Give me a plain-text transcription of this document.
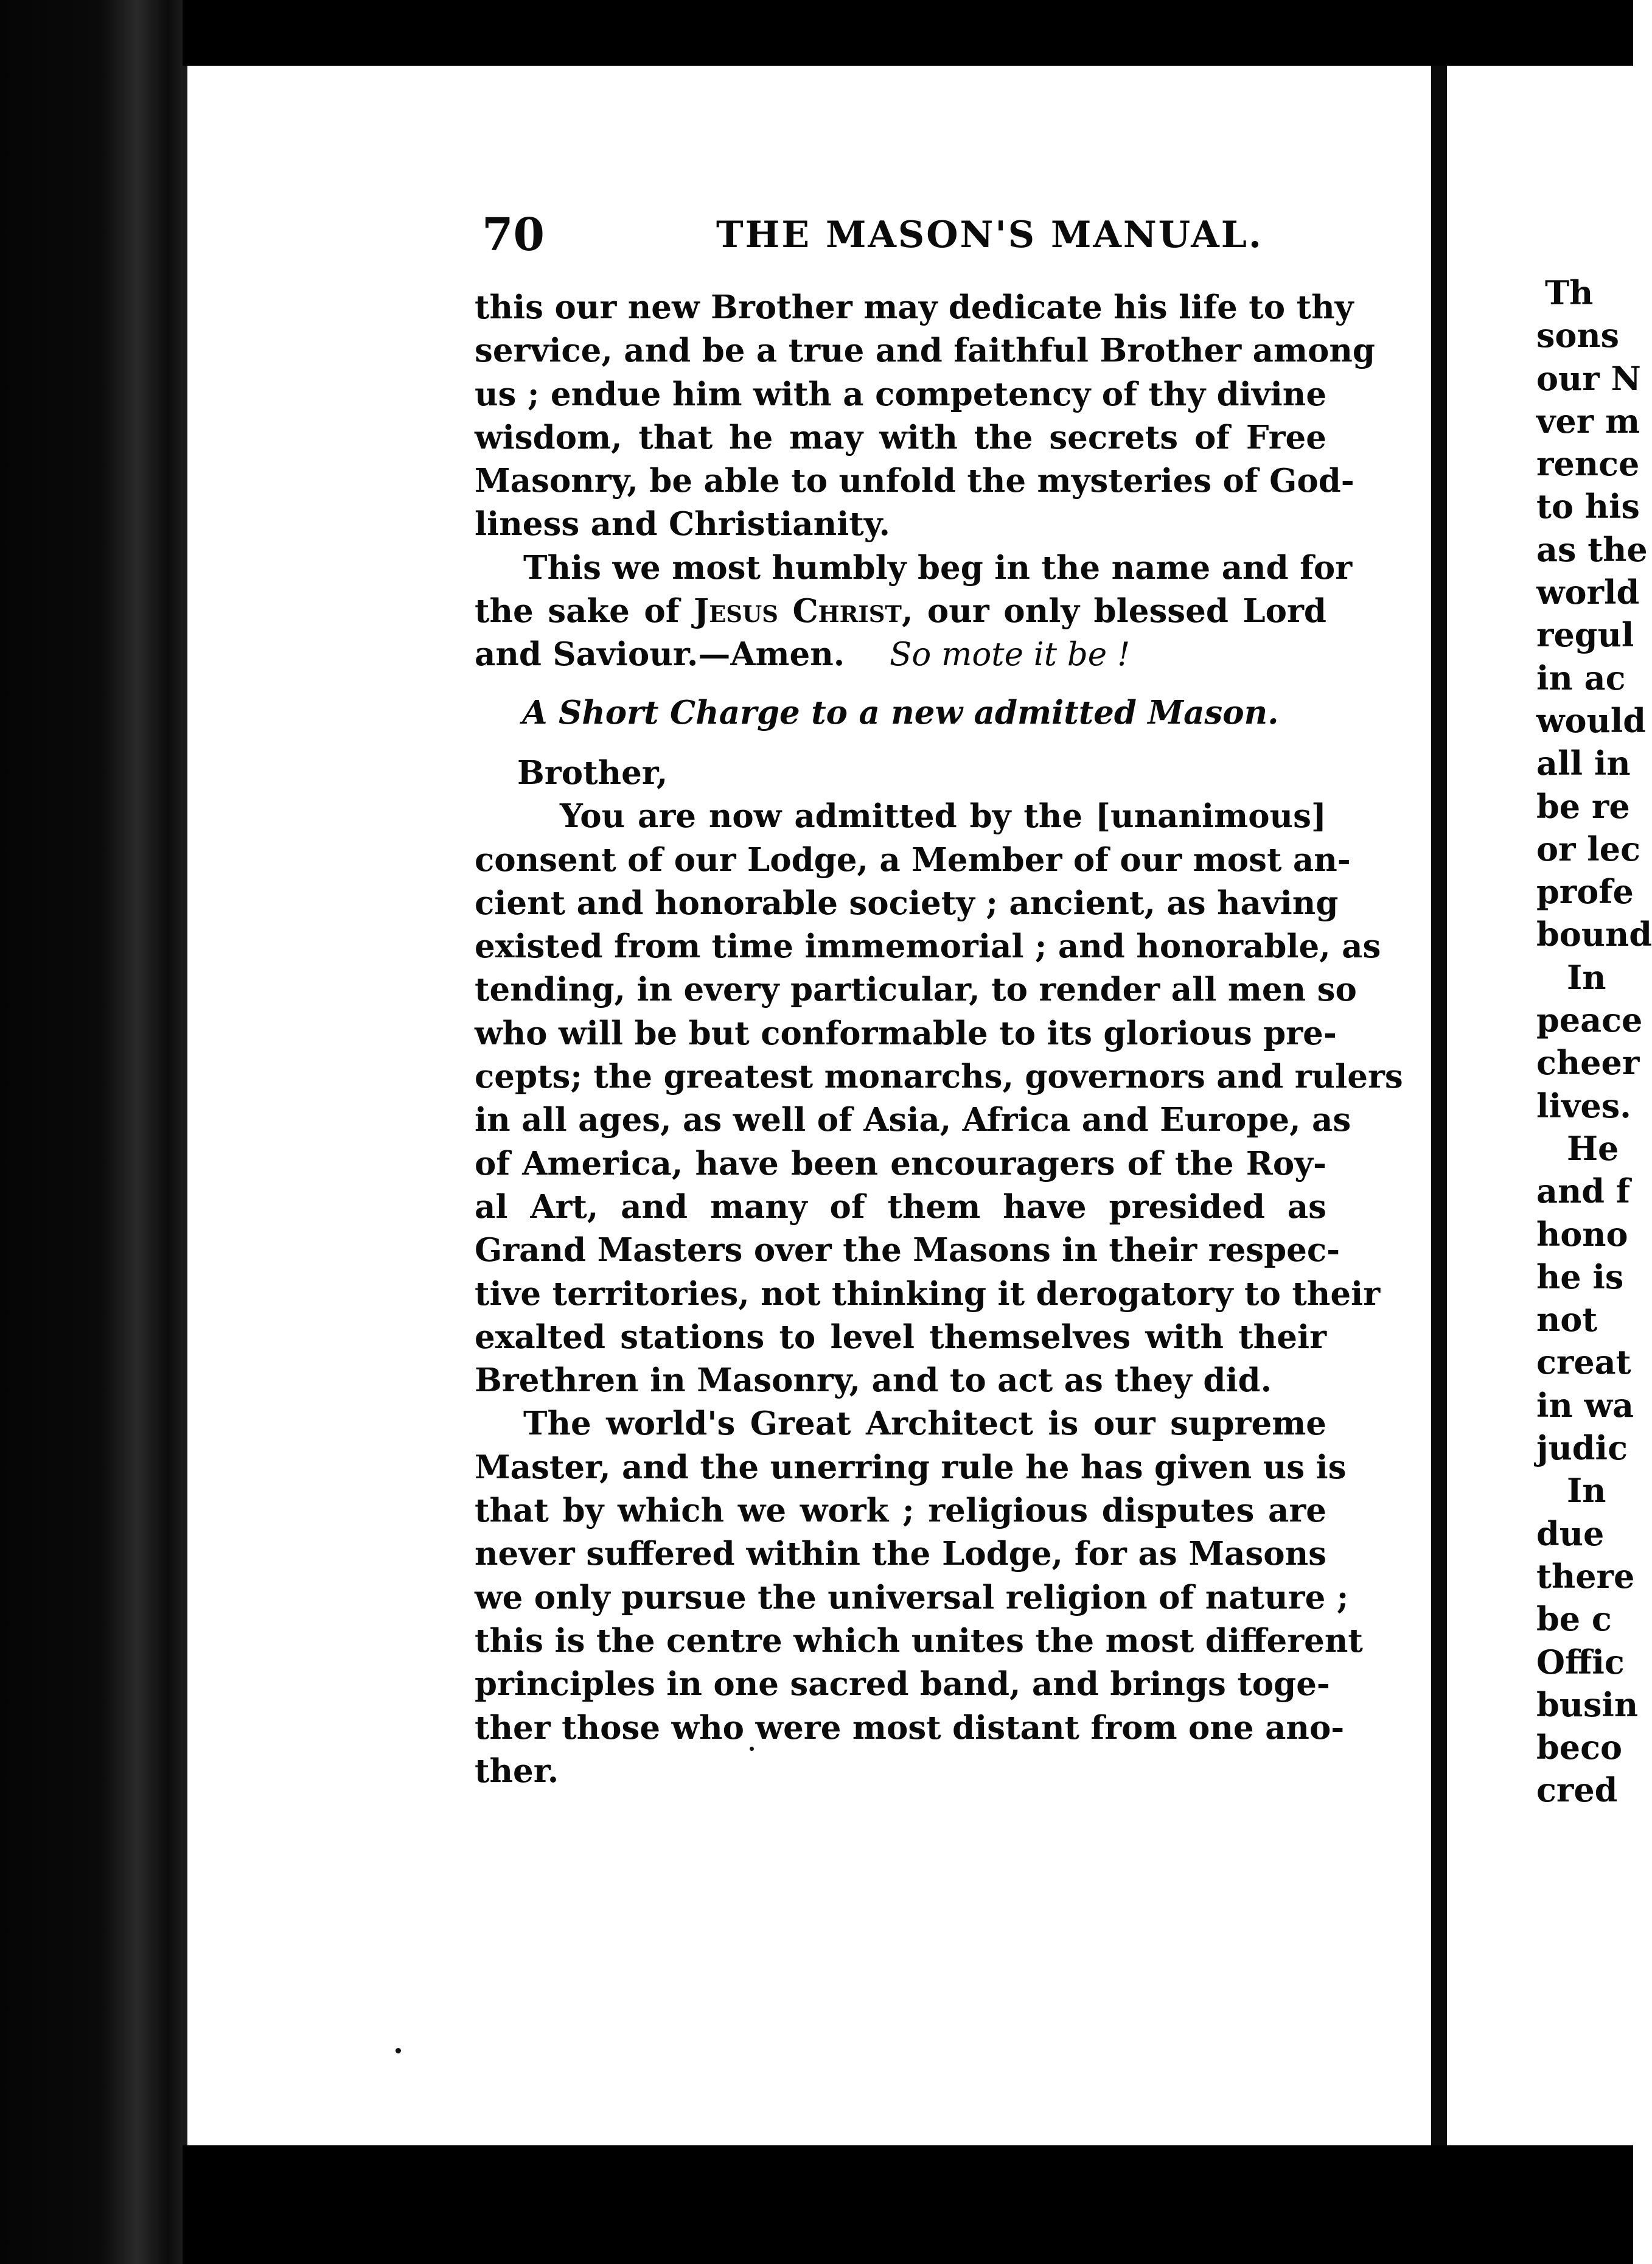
70	THE MASON'S MANUAL.
this our new Brother may dedicate his life to thy
service, and be a true and faithful Brother among
us ; endue him with a competency of thy divine
wisdom, that he may with the secrets of Free
Masonry, be able to unfold the mysteries of God-
liness and Christianity.
This we most humbly beg in the name and for
the sake of Jesus Christ, our only blessed Lord
and Saviour.—Amen. So mote it be !
A Short Charge to a new admitted Mason.
Brother,
You are now admitted by the [unanimous]
consent of our Lodge, a Member of our most an-
cient and honorable society ; ancient, as having
existed from time immemorial ; and honorable, as
tending, in every particular, to render all men so
who will be but conformable to its glorious pre-
cepts; the greatest monarchs, governors and rulers
in all ages, as well of Asia, Africa and Europe, as
of America, have been encouragers of the Roy-
al Art, and many of them have presided as
Grand Masters over the Masons in their respec-
tive territories, not thinking it derogatory to their
exalted stations to level themselves with their
Brethren in Masonry, and to act as they did.
The world's Great Architect is our supreme
Master, and the unerring rule he has given us is
that by which we work ; religious disputes are
never suffered within the Lodge, for as Masons
we only pursue the universal religion of nature ;
this is the centre which unites the most different
principles in one sacred band, and brings toge-
ther those who were most distant from one ano-
ther.
Th
sons
our N
ver m
rence
to his
as the
world
regul
in ac
would
all in
be re
or lec
profe
bound
In
peace
cheer
lives.
He
and f
hono
he is
not
creat
in wa
judic
In
due
there
be c
Offic
busin
beco
cred
